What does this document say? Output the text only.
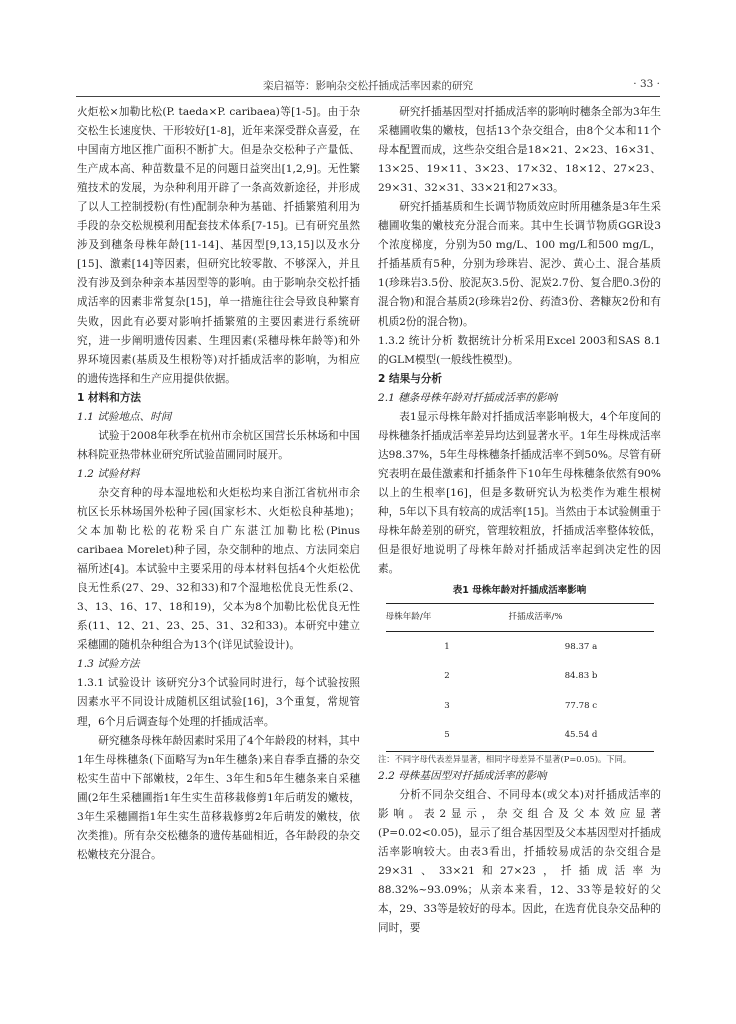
栾启福等：影响杂交松扦插成活率因素的研究	· 33 ·

火炬松×加勒比松(P. taeda×P. caribaea)等[1-5]。由于杂交松生长速度快、干形较好[1-8]，近年来深受群众喜爱，在中国南方地区推广面积不断扩大。但是杂交松种子产量低、生产成本高、种苗数量不足的问题日益突出[1,2,9]。无性繁殖技术的发展，为杂种利用开辟了一条高效新途径，并形成了以人工控制授粉(有性)配制杂种为基础、扦插繁殖利用为手段的杂交松规模利用配套技术体系[7-15]。已有研究虽然涉及到穗条母株年龄[11-14]、基因型[9,13,15]以及水分[15]、激素[14]等因素，但研究比较零散、不够深入，并且没有涉及到杂种亲本基因型等的影响。由于影响杂交松扦插成活率的因素非常复杂[15]，单一措施往往会导致良种繁育失败，因此有必要对影响扦插繁殖的主要因素进行系统研究，进一步阐明遗传因素、生理因素(采穗母株年龄等)和外界环境因素(基质及生根粉等)对扦插成活率的影响，为相应的遗传选择和生产应用提供依据。

1 材料和方法

1.1 试验地点、时间

试验于2008年秋季在杭州市余杭区国营长乐林场和中国林科院亚热带林业研究所试验苗圃同时展开。

1.2 试验材料

杂交育种的母本湿地松和火炬松均来自浙江省杭州市余杭区长乐林场国外松种子园(国家杉木、火炬松良种基地)；父本加勒比松的花粉采自广东湛江加勒比松(Pinus caribaea Morelet)种子园，杂交制种的地点、方法同栾启福所述[4]。本试验中主要采用的母本材料包括4个火炬松优良无性系(27、29、32和33)和7个湿地松优良无性系(2、3、13、16、17、18和19)，父本为8个加勒比松优良无性系(11、12、21、23、25、31、32和33)。本研究中建立采穗圃的随机杂种组合为13个(详见试验设计)。

1.3 试验方法

1.3.1 试验设计 该研究分3个试验同时进行，每个试验按照因素水平不同设计成随机区组试验[16]，3个重复，常规管理，6个月后调查每个处理的扦插成活率。

研究穗条母株年龄因素时采用了4个年龄段的材料，其中1年生母株穗条(下面略写为n年生穗条)来自春季直播的杂交松实生苗中下部嫩枝，2年生、3年生和5年生穗条来自采穗圃(2年生采穗圃指1年生实生苗移栽修剪1年后萌发的嫩枝，3年生采穗圃指1年生实生苗移栽修剪2年后萌发的嫩枝，依次类推)。所有杂交松穗条的遗传基础相近，各年龄段的杂交松嫩枝充分混合。

研究扦插基因型对扦插成活率的影响时穗条全部为3年生采穗圃收集的嫩枝，包括13个杂交组合，由8个父本和11个母本配置而成，这些杂交组合是18×21、2×23、16×31、13×25、19×11、3×23、17×32、18×12、27×23、29×31、32×31、33×21和27×33。

研究扦插基质和生长调节物质效应时所用穗条是3年生采穗圃收集的嫩枝充分混合而来。其中生长调节物质GGR设3个浓度梯度，分别为50 mg/L、100 mg/L和500 mg/L，扦插基质有5种，分别为珍珠岩、泥沙、黄心土、混合基质1(珍珠岩3.5份、胶泥灰3.5份、泥炭2.7份、复合肥0.3份的混合物)和混合基质2(珍珠岩2份、药渣3份、砻糠灰2份和有机质2份的混合物)。

1.3.2 统计分析 数据统计分析采用Excel 2003和SAS 8.1的GLM模型(一般线性模型)。

2 结果与分析

2.1 穗条母株年龄对扦插成活率的影响

表1显示母株年龄对扦插成活率影响极大，4个年度间的母株穗条扦插成活率差异均达到显著水平。1年生母株成活率达98.37%，5年生母株穗条扦插成活率不到50%。尽管有研究表明在最佳激素和扦插条件下10年生母株穗条依然有90%以上的生根率[16]，但是多数研究认为松类作为难生根树种，5年以下具有较高的成活率[15]。当然由于本试验侧重于母株年龄差别的研究，管理较粗放，扦插成活率整体较低，但是很好地说明了母株年龄对扦插成活率起到决定性的因素。

表1 母株年龄对扦插成活率影响
母株年龄/年	扦插成活率/%
1	98.37 a
2	84.83 b
3	77.78 c
5	45.54 d

注：不同字母代表差异显著，相同字母差异不显著(P=0.05)。下同。

2.2 母株基因型对扦插成活率的影响

分析不同杂交组合、不同母本(或父本)对扦插成活率的影响。表2显示，杂交组合及父本效应显著(P=0.02<0.05)，显示了组合基因型及父本基因型对扦插成活率影响较大。由表3看出，扦插较易成活的杂交组合是29×31、33×21和27×23，扦插成活率为88.32%~93.09%；从亲本来看，12、33等是较好的父本，29、33等是较好的母本。因此，在选育优良杂交品种的同时，要
